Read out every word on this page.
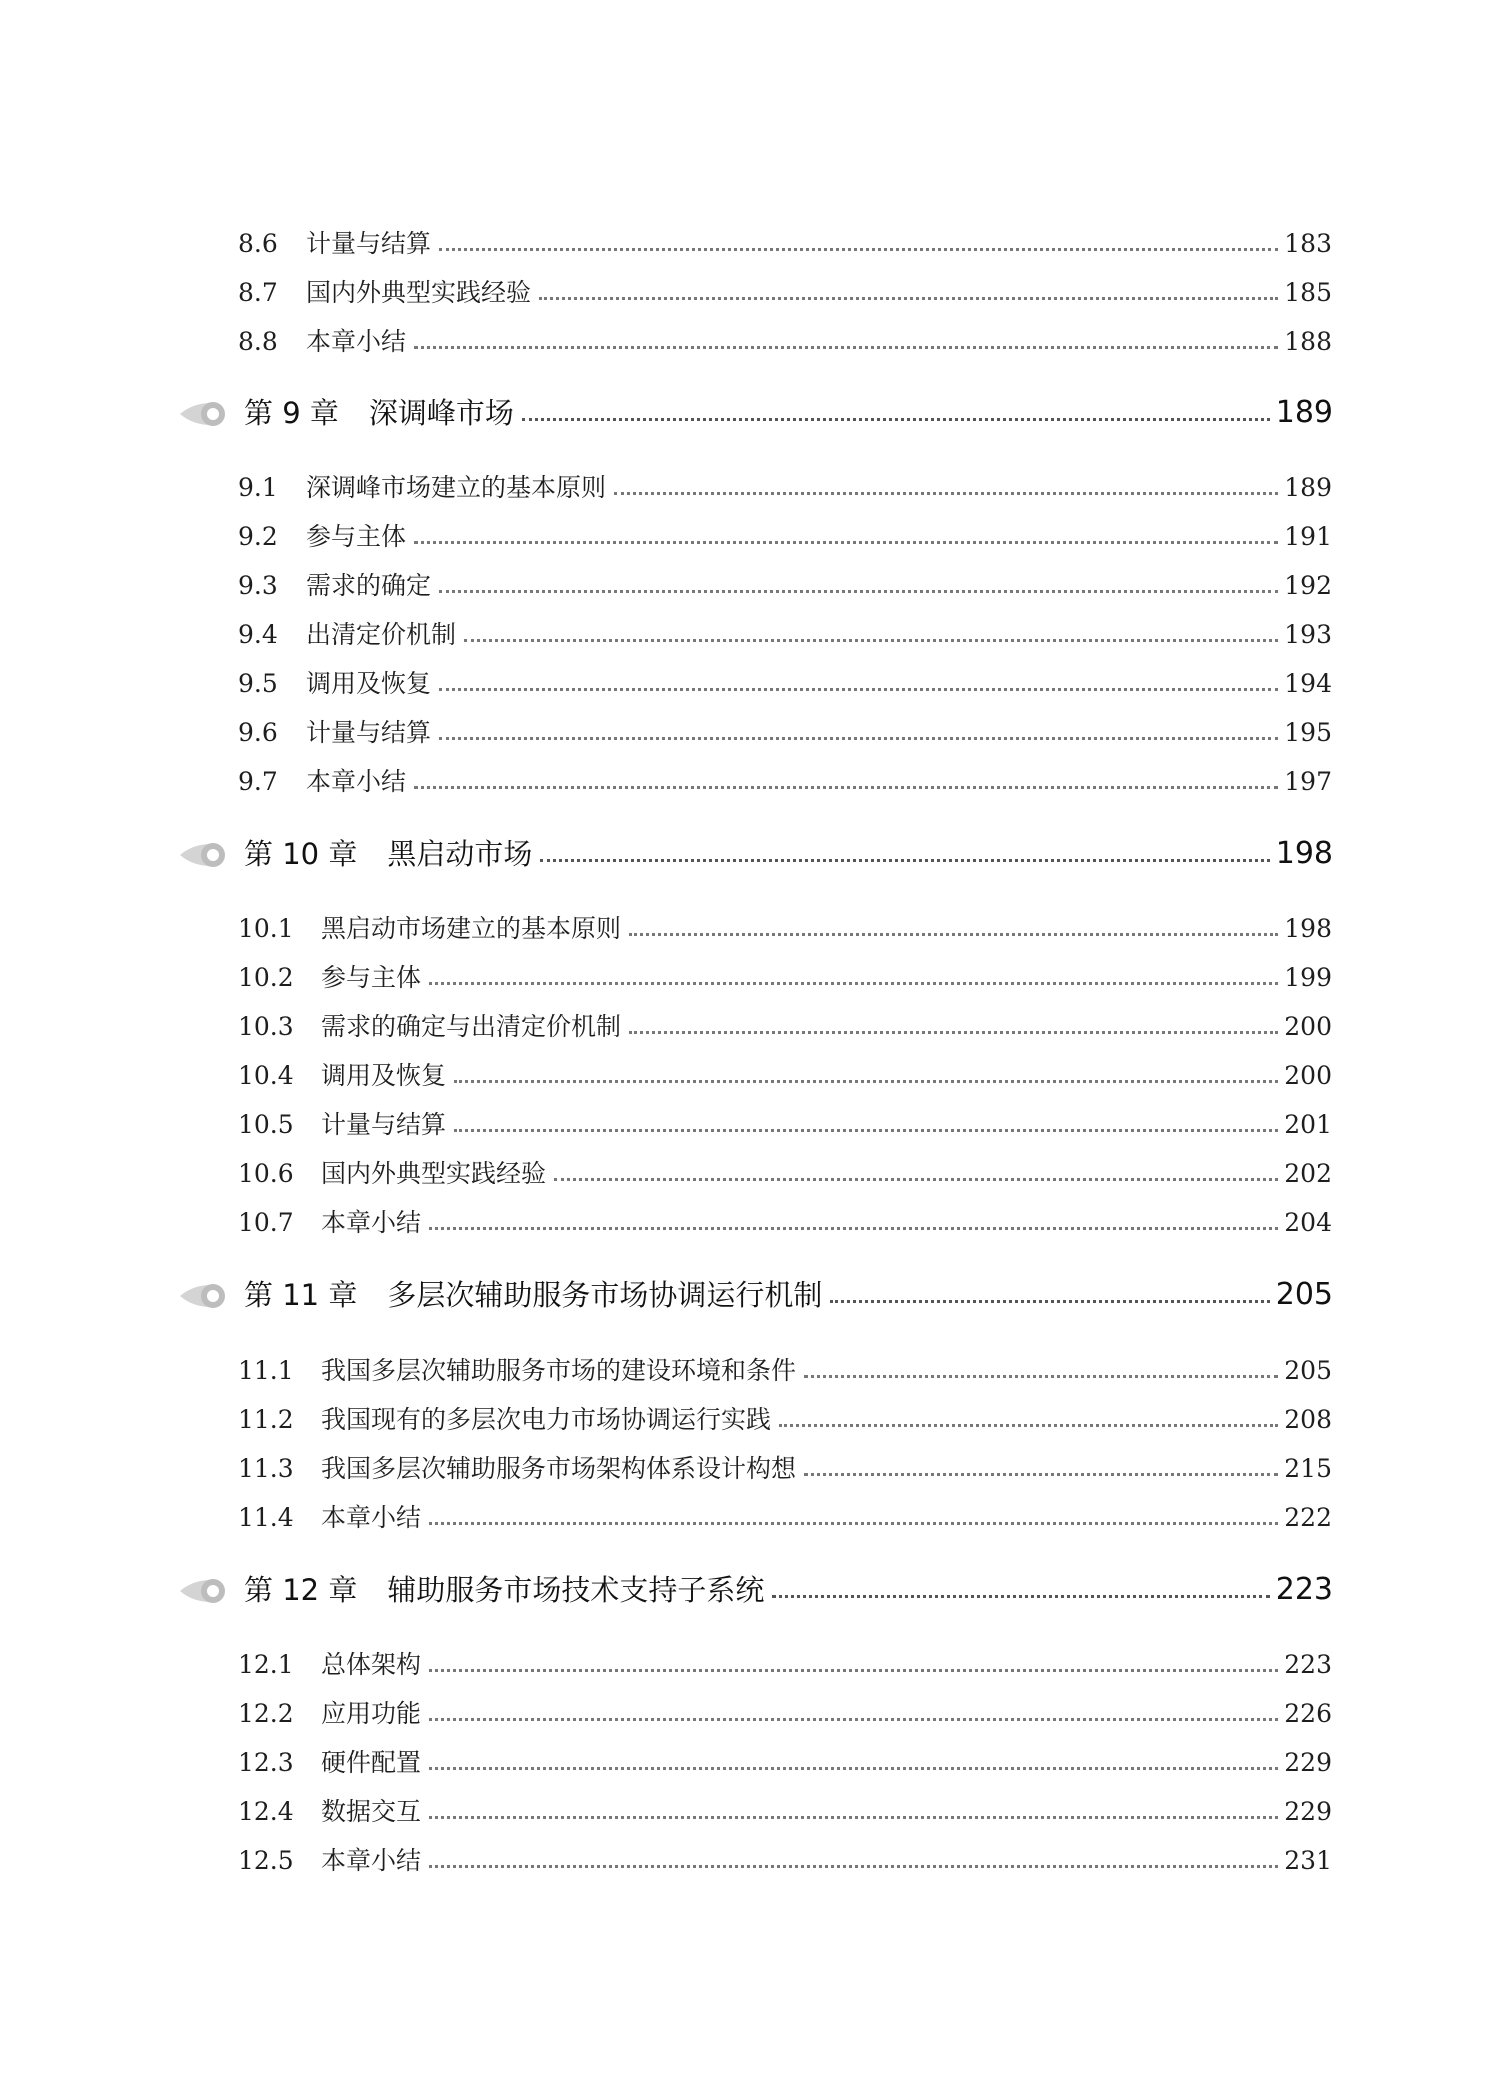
8.6	计量与结算	183
8.7	国内外典型实践经验	185
8.8	本章小结	188
第 9 章 深调峰市场	189
9.1	深调峰市场建立的基本原则	189
9.2	参与主体	191
9.3	需求的确定	192
9.4	出清定价机制	193
9.5	调用及恢复	194
9.6	计量与结算	195
9.7	本章小结	197
第 10 章 黑启动市场	198
10.1	黑启动市场建立的基本原则	198
10.2	参与主体	199
10.3	需求的确定与出清定价机制	200
10.4	调用及恢复	200
10.5	计量与结算	201
10.6	国内外典型实践经验	202
10.7	本章小结	204
第 11 章 多层次辅助服务市场协调运行机制	205
11.1	我国多层次辅助服务市场的建设环境和条件	205
11.2	我国现有的多层次电力市场协调运行实践	208
11.3	我国多层次辅助服务市场架构体系设计构想	215
11.4	本章小结	222
第 12 章 辅助服务市场技术支持子系统	223
12.1	总体架构	223
12.2	应用功能	226
12.3	硬件配置	229
12.4	数据交互	229
12.5	本章小结	231
